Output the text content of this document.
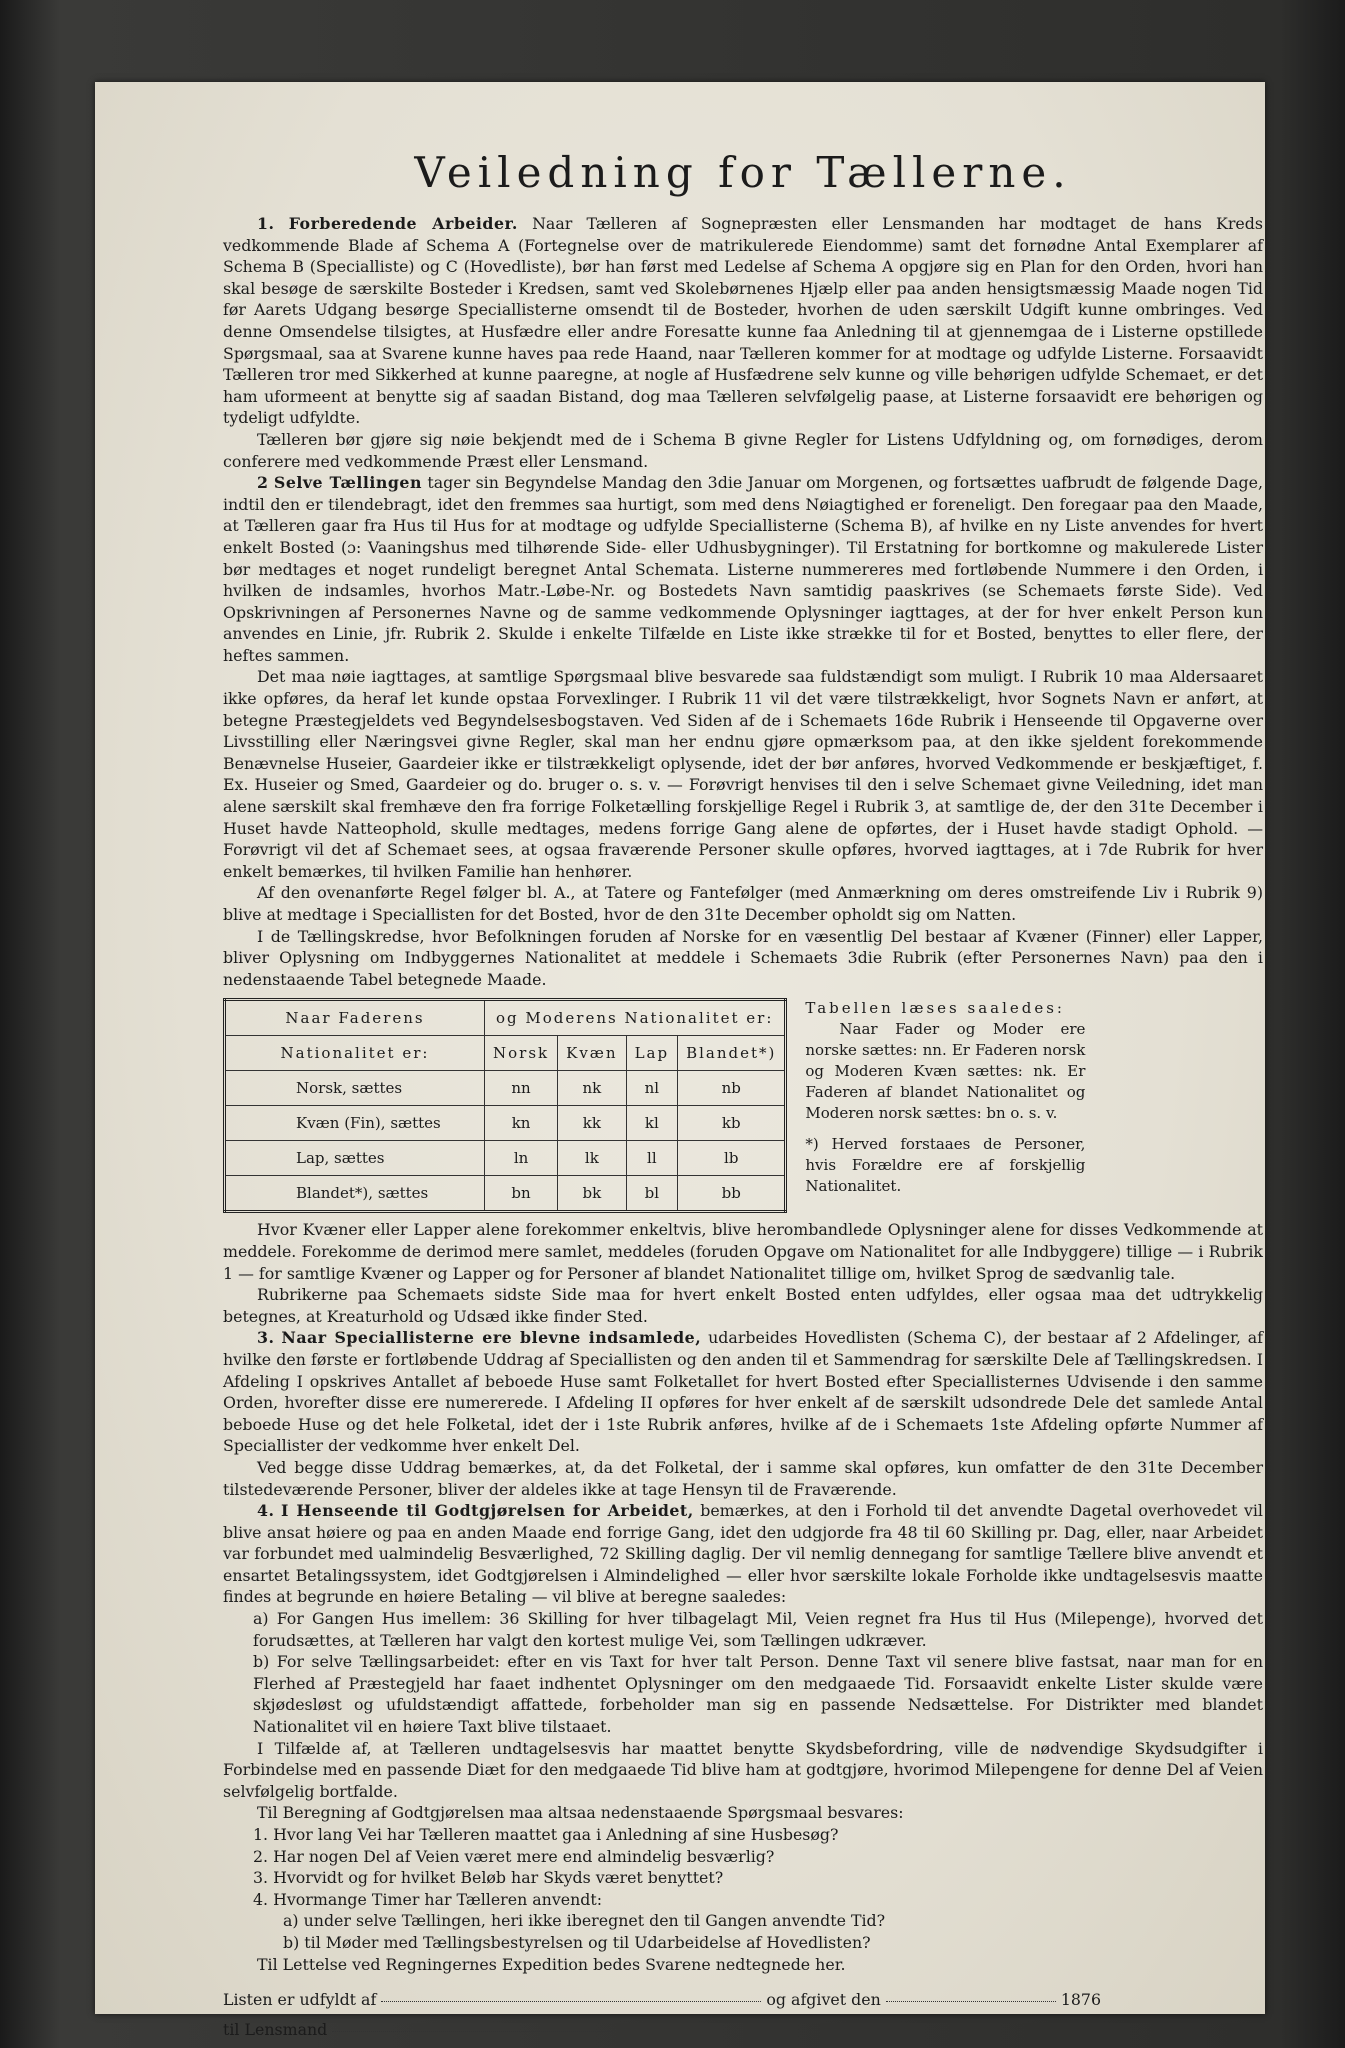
Veiledning for Tællerne.

1. Forberedende Arbeider. Naar Tælleren af Sognepræsten eller Lensmanden har modtaget de hans Kreds vedkommende Blade af Schema A (Fortegnelse over de matrikulerede Eiendomme) samt det fornødne Antal Exemplarer af Schema B (Specialliste) og C (Hovedliste), bør han først med Ledelse af Schema A opgjøre sig en Plan for den Orden, hvori han skal besøge de særskilte Bosteder i Kredsen, samt ved Skolebørnenes Hjælp eller paa anden hensigtsmæssig Maade nogen Tid før Aarets Udgang besørge Speciallisterne omsendt til de Bosteder, hvorhen de uden særskilt Udgift kunne ombringes. Ved denne Omsendelse tilsigtes, at Husfædre eller andre Foresatte kunne faa Anledning til at gjennemgaa de i Listerne opstillede Spørgsmaal, saa at Svarene kunne haves paa rede Haand, naar Tælleren kommer for at modtage og udfylde Listerne. Forsaavidt Tælleren tror med Sikkerhed at kunne paaregne, at nogle af Husfædrene selv kunne og ville behørigen udfylde Schemaet, er det ham uformeent at benytte sig af saadan Bistand, dog maa Tælleren selvfølgelig paase, at Listerne forsaavidt ere behørigen og tydeligt udfyldte.

Tælleren bør gjøre sig nøie bekjendt med de i Schema B givne Regler for Listens Udfyldning og, om fornødiges, derom conferere med vedkommende Præst eller Lensmand.

2 Selve Tællingen tager sin Begyndelse Mandag den 3die Januar om Morgenen, og fortsættes uafbrudt de følgende Dage, indtil den er tilendebragt, idet den fremmes saa hurtigt, som med dens Nøiagtighed er foreneligt. Den foregaar paa den Maade, at Tælleren gaar fra Hus til Hus for at modtage og udfylde Speciallisterne (Schema B), af hvilke en ny Liste anvendes for hvert enkelt Bosted (ɔ: Vaaningshus med tilhørende Side- eller Udhusbygninger). Til Erstatning for bortkomne og makulerede Lister bør medtages et noget rundeligt beregnet Antal Schemata. Listerne nummereres med fortløbende Nummere i den Orden, i hvilken de indsamles, hvorhos Matr.-Løbe-Nr. og Bostedets Navn samtidig paaskrives (se Schemaets første Side). Ved Opskrivningen af Personernes Navne og de samme vedkommende Oplysninger iagttages, at der for hver enkelt Person kun anvendes en Linie, jfr. Rubrik 2. Skulde i enkelte Tilfælde en Liste ikke strække til for et Bosted, benyttes to eller flere, der heftes sammen.

Det maa nøie iagttages, at samtlige Spørgsmaal blive besvarede saa fuldstændigt som muligt. I Rubrik 10 maa Aldersaaret ikke opføres, da heraf let kunde opstaa Forvexlinger. I Rubrik 11 vil det være tilstrækkeligt, hvor Sognets Navn er anført, at betegne Præstegjeldets ved Begyndelsesbogstaven. Ved Siden af de i Schemaets 16de Rubrik i Henseende til Opgaverne over Livsstilling eller Næringsvei givne Regler, skal man her endnu gjøre opmærksom paa, at den ikke sjeldent forekommende Benævnelse Huseier, Gaardeier ikke er tilstrækkeligt oplysende, idet der bør anføres, hvorved Vedkommende er beskjæftiget, f. Ex. Huseier og Smed, Gaardeier og do. bruger o. s. v. — Forøvrigt henvises til den i selve Schemaet givne Veiledning, idet man alene særskilt skal fremhæve den fra forrige Folketælling forskjellige Regel i Rubrik 3, at samtlige de, der den 31te December i Huset havde Natteophold, skulle medtages, medens forrige Gang alene de opførtes, der i Huset havde stadigt Ophold. — Forøvrigt vil det af Schemaet sees, at ogsaa fraværende Personer skulle opføres, hvorved iagttages, at i 7de Rubrik for hver enkelt bemærkes, til hvilken Familie han henhører.

Af den ovenanførte Regel følger bl. A., at Tatere og Fantefølger (med Anmærkning om deres omstreifende Liv i Rubrik 9) blive at medtage i Speciallisten for det Bosted, hvor de den 31te December opholdt sig om Natten.

I de Tællingskredse, hvor Befolkningen foruden af Norske for en væsentlig Del bestaar af Kvæner (Finner) eller Lapper, bliver Oplysning om Indbyggernes Nationalitet at meddele i Schemaets 3die Rubrik (efter Personernes Navn) paa den i nedenstaaende Tabel betegnede Maade.

Naar Faderens	og Moderens Nationalitet er:			
Nationalitet er:	Norsk	Kvæn	Lap	Blandet*)
Norsk, sættes	nn	nk	nl	nb
Kvæn (Fin), sættes	kn	kk	kl	kb
Lap, sættes	ln	lk	ll	lb
Blandet*), sættes	bn	bk	bl	bb

Tabellen læses saaledes:

Naar Fader og Moder ere norske sættes: nn. Er Faderen norsk og Moderen Kvæn sættes: nk. Er Faderen af blandet Nationalitet og Moderen norsk sættes: bn o. s. v.

*) Herved forstaaes de Personer, hvis Forældre ere af forskjellig Nationalitet.

Hvor Kvæner eller Lapper alene forekommer enkeltvis, blive herombandlede Oplysninger alene for disses Vedkommende at meddele. Forekomme de derimod mere samlet, meddeles (foruden Opgave om Nationalitet for alle Indbyggere) tillige — i Rubrik 1 — for samtlige Kvæner og Lapper og for Personer af blandet Nationalitet tillige om, hvilket Sprog de sædvanlig tale.

Rubrikerne paa Schemaets sidste Side maa for hvert enkelt Bosted enten udfyldes, eller ogsaa maa det udtrykkelig betegnes, at Kreaturhold og Udsæd ikke finder Sted.

3. Naar Speciallisterne ere blevne indsamlede, udarbeides Hovedlisten (Schema C), der bestaar af 2 Afdelinger, af hvilke den første er fortløbende Uddrag af Speciallisten og den anden til et Sammendrag for særskilte Dele af Tællingskredsen. I Afdeling I opskrives Antallet af beboede Huse samt Folketallet for hvert Bosted efter Speciallisternes Udvisende i den samme Orden, hvorefter disse ere numererede. I Afdeling II opføres for hver enkelt af de særskilt udsondrede Dele det samlede Antal beboede Huse og det hele Folketal, idet der i 1ste Rubrik anføres, hvilke af de i Schemaets 1ste Afdeling opførte Nummer af Speciallister der vedkomme hver enkelt Del.

Ved begge disse Uddrag bemærkes, at, da det Folketal, der i samme skal opføres, kun omfatter de den 31te December tilstedeværende Personer, bliver der aldeles ikke at tage Hensyn til de Fraværende.

4. I Henseende til Godtgjørelsen for Arbeidet, bemærkes, at den i Forhold til det anvendte Dagetal overhovedet vil blive ansat høiere og paa en anden Maade end forrige Gang, idet den udgjorde fra 48 til 60 Skilling pr. Dag, eller, naar Arbeidet var forbundet med ualmindelig Besværlighed, 72 Skilling daglig. Der vil nemlig dennegang for samtlige Tællere blive anvendt et ensartet Betalingssystem, idet Godtgjørelsen i Almindelighed — eller hvor særskilte lokale Forholde ikke undtagelsesvis maatte findes at begrunde en høiere Betaling — vil blive at beregne saaledes:

a) For Gangen Hus imellem: 36 Skilling for hver tilbagelagt Mil, Veien regnet fra Hus til Hus (Milepenge), hvorved det forudsættes, at Tælleren har valgt den kortest mulige Vei, som Tællingen udkræver.

b) For selve Tællingsarbeidet: efter en vis Taxt for hver talt Person. Denne Taxt vil senere blive fastsat, naar man for en Flerhed af Præstegjeld har faaet indhentet Oplysninger om den medgaaede Tid. Forsaavidt enkelte Lister skulde være skjødesløst og ufuldstændigt affattede, forbeholder man sig en passende Nedsættelse. For Distrikter med blandet Nationalitet vil en høiere Taxt blive tilstaaet.

I Tilfælde af, at Tælleren undtagelsesvis har maattet benytte Skydsbefordring, ville de nødvendige Skydsudgifter i Forbindelse med en passende Diæt for den medgaaede Tid blive ham at godtgjøre, hvorimod Milepengene for denne Del af Veien selvfølgelig bortfalde.

Til Beregning af Godtgjørelsen maa altsaa nedenstaaende Spørgsmaal besvares:

1. Hvor lang Vei har Tælleren maattet gaa i Anledning af sine Husbesøg?

2. Har nogen Del af Veien været mere end almindelig besværlig?

3. Hvorvidt og for hvilket Beløb har Skyds været benyttet?

4. Hvormange Timer har Tælleren anvendt:

a) under selve Tællingen, heri ikke iberegnet den til Gangen anvendte Tid?

b) til Møder med Tællingsbestyrelsen og til Udarbeidelse af Hovedlisten?

Til Lettelse ved Regningernes Expedition bedes Svarene nedtegnede her.

Listen er udfyldt af	og afgivet den	1876
til Lensmand
